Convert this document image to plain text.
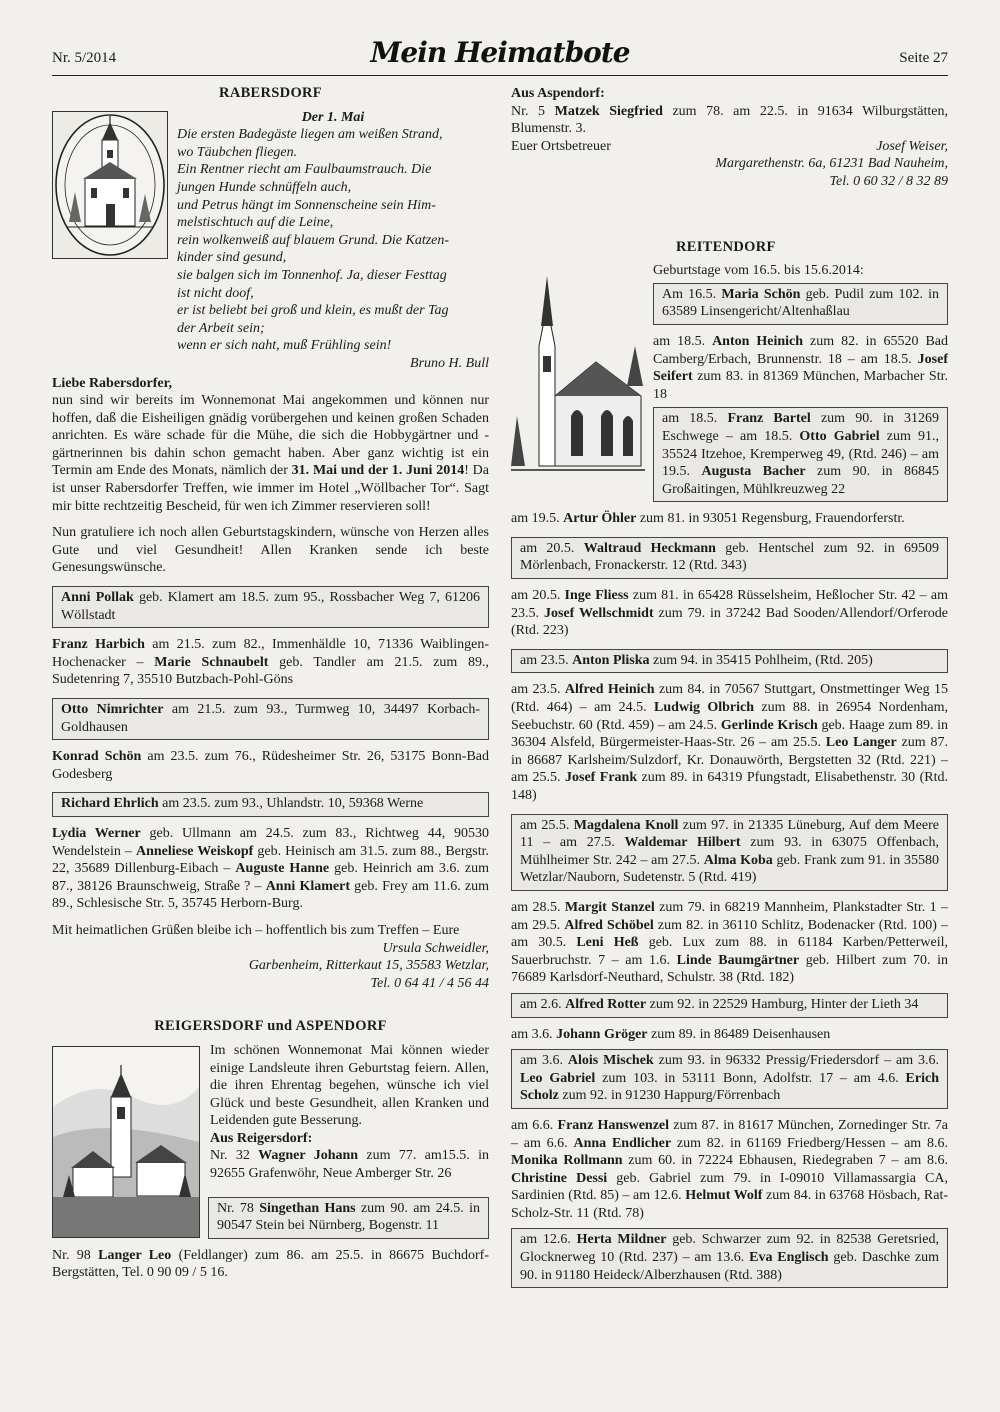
Nr. 5/2014	Mein Heimatbote	Seite 27
RABERSDORF
Der 1. Mai
Die ersten Badegäste liegen am weißen Strand,
wo Täubchen fliegen.
Ein Rentner riecht am Faulbaumstrauch. Die
jungen Hunde schnüffeln auch,
und Petrus hängt im Sonnenscheine sein Him-
melstischtuch auf die Leine,
rein wolkenweiß auf blauem Grund. Die Katzen-
kinder sind gesund,
sie balgen sich im Tonnenhof. Ja, dieser Festtag
ist nicht doof,
er ist beliebt bei groß und klein, es mußt der Tag
der Arbeit sein;
wenn er sich naht, muß Frühling sein!
Bruno H. Bull
Liebe Rabersdorfer,

nun sind wir bereits im Wonnemonat Mai angekommen und können nur hoffen, daß die Eisheiligen gnädig vorübergehen und keinen großen Schaden anrichten. Es wäre schade für die Mühe, die sich die Hobbygärtner und -gärtnerinnen bis dahin schon gemacht haben. Aber ganz wichtig ist ein Termin am Ende des Monats, nämlich der 31. Mai und der 1. Juni 2014! Da ist unser Rabersdorfer Treffen, wie immer im Hotel „Wöllbacher Tor“. Sagt mir bitte rechtzeitig Bescheid, für wen ich Zimmer reservieren soll!

Nun gratuliere ich noch allen Geburtstagskindern, wünsche von Herzen alles Gute und viel Gesundheit! Allen Kranken sende ich beste Genesungswünsche.

Anni Pollak geb. Klamert am 18.5. zum 95., Rossbacher Weg 7, 61206 Wöllstadt

Franz Harbich am 21.5. zum 82., Immenhäldle 10, 71336 Waiblingen-Hochenacker – Marie Schnaubelt geb. Tandler am 21.5. zum 89., Sudetenring 7, 35510 Butzbach-Pohl-Göns

Otto Nimrichter am 21.5. zum 93., Turmweg 10, 34497 Korbach-Goldhausen

Konrad Schön am 23.5. zum 76., Rüdesheimer Str. 26, 53175 Bonn-Bad Godesberg

Richard Ehrlich am 23.5. zum 93., Uhlandstr. 10, 59368 Werne

Lydia Werner geb. Ullmann am 24.5. zum 83., Richtweg 44, 90530 Wendelstein – Anneliese Weiskopf geb. Heinisch am 31.5. zum 88., Bergstr. 22, 35689 Dillenburg-Eibach – Auguste Hanne geb. Heinrich am 3.6. zum 87., 38126 Braunschweig, Straße ? – Anni Klamert geb. Frey am 11.6. zum 89., Schlesische Str. 5, 35745 Herborn-Burg.

Mit heimatlichen Grüßen bleibe ich – hoffentlich bis zum Treffen – Eure

Ursula Schweidler,
Garbenheim, Ritterkaut 15, 35583 Wetzlar,
Tel. 0 64 41 / 4 56 44
REIGERSDORF und ASPENDORF

Im schönen Wonnemonat Mai können wieder einige Landsleute ihren Geburtstag feiern. Allen, die ihren Ehrentag begehen, wünsche ich viel Glück und beste Gesundheit, allen Kranken und Leidenden gute Besserung.

Aus Reigersdorf:

Nr. 32 Wagner Johann zum 77. am15.5. in 92655 Grafenwöhr, Neue Amberger Str. 26

Nr. 78 Singethan Hans zum 90. am 24.5. in 90547 Stein bei Nürnberg, Bogenstr. 11

Nr. 98 Langer Leo (Feldlanger) zum 86. am 25.5. in 86675 Buchdorf-Bergstätten, Tel. 0 90 09 / 5 16.

Aus Aspendorf:

Nr. 5 Matzek Siegfried zum 78. am 22.5. in 91634 Wilburgstätten, Blumenstr. 3.

Euer Ortsbetreuer	Josef Weiser,
Margarethenstr. 6a, 61231 Bad Nauheim,
Tel. 0 60 32 / 8 32 89
REITENDORF

Geburtstage vom 16.5. bis 15.6.2014:

Am 16.5. Maria Schön geb. Pudil zum 102. in 63589 Linsengericht/Altenhaßlau

am 18.5. Anton Heinich zum 82. in 65520 Bad Camberg/Erbach, Brunnenstr. 18 – am 18.5. Josef Seifert zum 83. in 81369 München, Marbacher Str. 18

am 18.5. Franz Bartel zum 90. in 31269 Eschwege – am 18.5. Otto Gabriel zum 91., 35524 Itzehoe, Kremperweg 49, (Rtd. 246) – am 19.5. Augusta Bacher zum 90. in 86845 Großaitingen, Mühlkreuzweg 22

am 19.5. Artur Öhler zum 81. in 93051 Regensburg, Frauendorferstr.

am 20.5. Waltraud Heckmann geb. Hentschel zum 92. in 69509 Mörlenbach, Fronackerstr. 12 (Rtd. 343)

am 20.5. Inge Fliess zum 81. in 65428 Rüsselsheim, Heßlocher Str. 42 – am 23.5. Josef Wellschmidt zum 79. in 37242 Bad Sooden/Allendorf/Orferode (Rtd. 223)

am 23.5. Anton Pliska zum 94. in 35415 Pohlheim, (Rtd. 205)

am 23.5. Alfred Heinich zum 84. in 70567 Stuttgart, Onstmettinger Weg 15 (Rtd. 464) – am 24.5. Ludwig Olbrich zum 88. in 26954 Nordenham, Seebuchstr. 60 (Rtd. 459) – am 24.5. Gerlinde Krisch geb. Haage zum 89. in 36304 Alsfeld, Bürgermeister-Haas-Str. 26 – am 25.5. Leo Langer zum 87. in 86687 Karlsheim/Sulzdorf, Kr. Donauwörth, Bergstetten 32 (Rtd. 221) – am 25.5. Josef Frank zum 89. in 64319 Pfungstadt, Elisabethenstr. 30 (Rtd. 148)

am 25.5. Magdalena Knoll zum 97. in 21335 Lüneburg, Auf dem Meere 11 – am 27.5. Waldemar Hilbert zum 93. in 63075 Offenbach, Mühlheimer Str. 242 – am 27.5. Alma Koba geb. Frank zum 91. in 35580 Wetzlar/Nauborn, Sudetenstr. 5 (Rtd. 419)

am 28.5. Margit Stanzel zum 79. in 68219 Mannheim, Plankstadter Str. 1 – am 29.5. Alfred Schöbel zum 82. in 36110 Schlitz, Bodenacker (Rtd. 100) – am 30.5. Leni Heß geb. Lux zum 88. in 61184 Karben/Petterweil, Sauerbruchstr. 7 – am 1.6. Linde Baumgärtner geb. Hilbert zum 70. in 76689 Karlsdorf-Neuthard, Schulstr. 38 (Rtd. 182)

am 2.6. Alfred Rotter zum 92. in 22529 Hamburg, Hinter der Lieth 34

am 3.6. Johann Gröger zum 89. in 86489 Deisenhausen

am 3.6. Alois Mischek zum 93. in 96332 Pressig/Friedersdorf – am 3.6. Leo Gabriel zum 103. in 53111 Bonn, Adolfstr. 17 – am 4.6. Erich Scholz zum 92. in 91230 Happurg/Förrenbach

am 6.6. Franz Hanswenzel zum 87. in 81617 München, Zornedinger Str. 7a – am 6.6. Anna Endlicher zum 82. in 61169 Friedberg/Hessen – am 8.6. Monika Rollmann zum 60. in 72224 Ebhausen, Riedegraben 7 – am 8.6. Christine Dessi geb. Gabriel zum 79. in I-09010 Villamassargia CA, Sardinien (Rtd. 85) – am 12.6. Helmut Wolf zum 84. in 63768 Hösbach, Rat-Scholz-Str. 11 (Rtd. 78)

am 12.6. Herta Mildner geb. Schwarzer zum 92. in 82538 Geretsried, Glocknerweg 10 (Rtd. 237) – am 13.6. Eva Englisch geb. Daschke zum 90. in 91180 Heideck/Alberzhausen (Rtd. 388)
